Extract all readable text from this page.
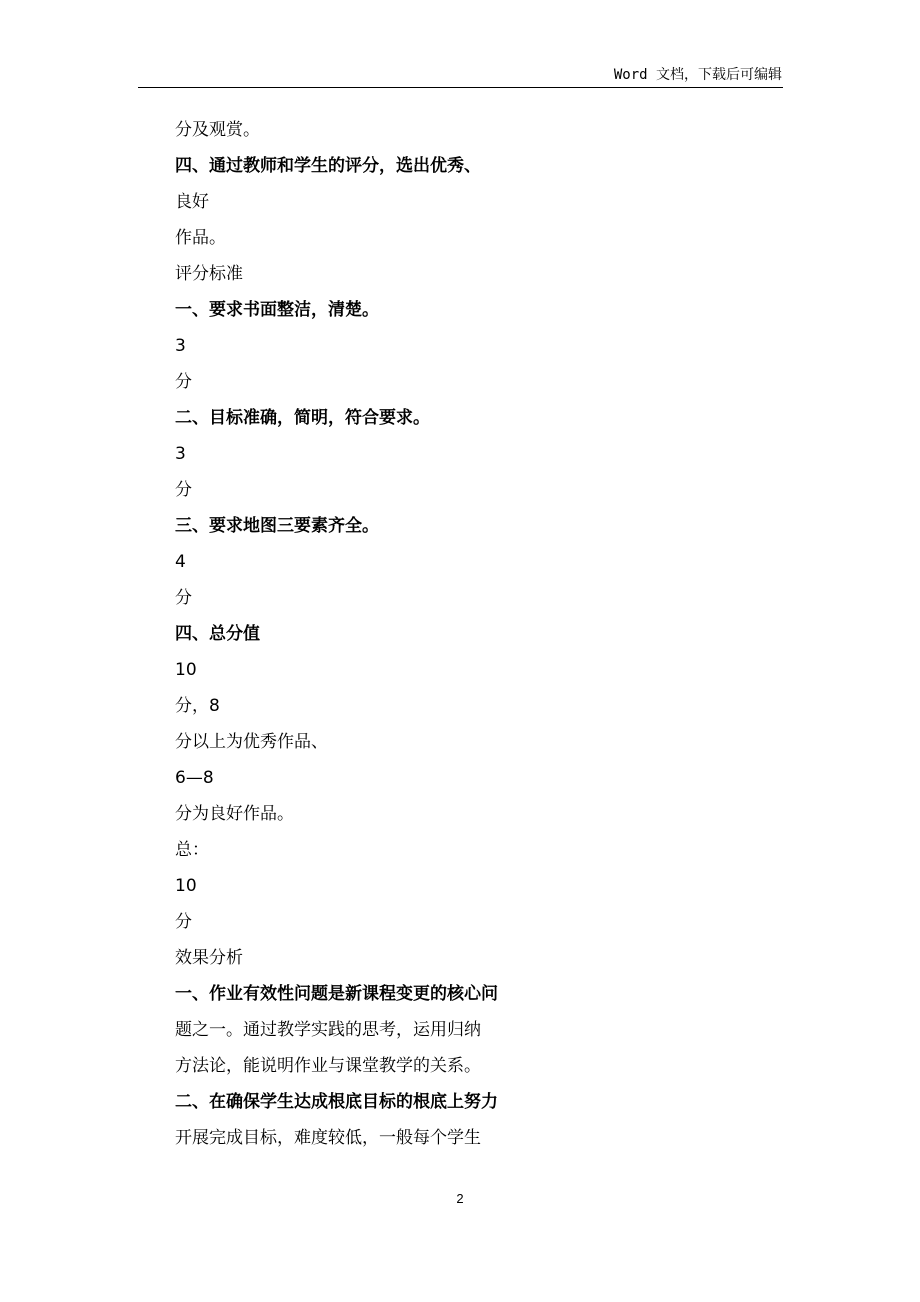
Word 文档，下载后可编辑
分及观赏。
四、通过教师和学生的评分，选出优秀、
良好
作品。
评分标准
一、要求书面整洁，清楚。
3
分
二、目标准确，简明，符合要求。
3
分
三、要求地图三要素齐全。
4
分
四、总分值
10
分，8
分以上为优秀作品、
6—8
分为良好作品。
总：
10
分
效果分析
一、作业有效性问题是新课程变更的核心问
题之一。通过教学实践的思考，运用归纳
方法论，能说明作业与课堂教学的关系。
二、在确保学生达成根底目标的根底上努力
开展完成目标，难度较低，一般每个学生
2
